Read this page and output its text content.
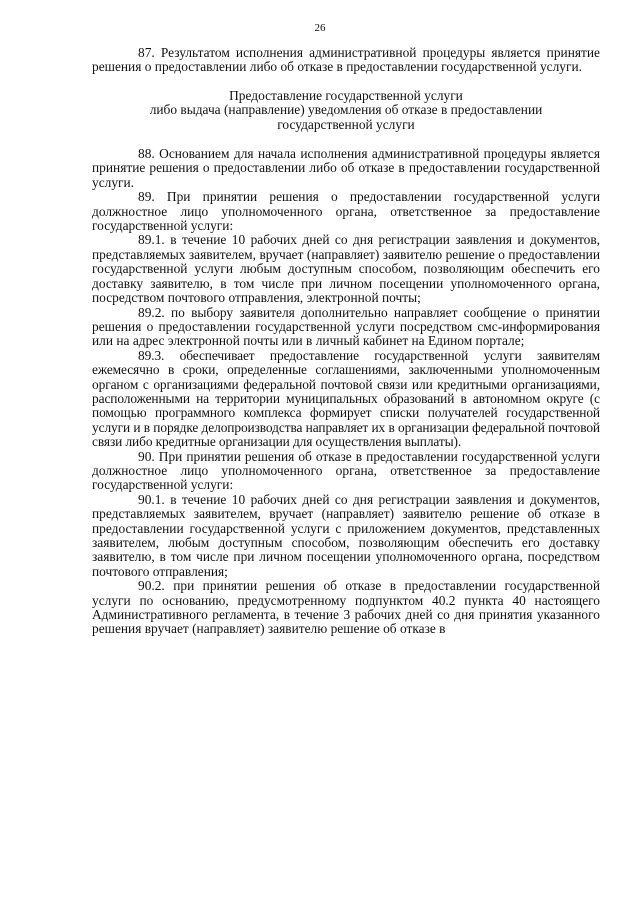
26

87. Результатом исполнения административной процедуры является принятие решения о предоставлении либо об отказе в предоставлении государственной услуги.

Предоставление государственной услуги
либо выдача (направление) уведомления об отказе в предоставлении
государственной услуги

88. Основанием для начала исполнения административной процедуры является принятие решения о предоставлении либо об отказе в предоставлении государственной услуги.

89. При принятии решения о предоставлении государственной услуги должностное лицо уполномоченного органа, ответственное за предоставление государственной услуги:

89.1. в течение 10 рабочих дней со дня регистрации заявления и документов, представляемых заявителем, вручает (направляет) заявителю решение о предоставлении государственной услуги любым доступным способом, позволяющим обеспечить его доставку заявителю, в том числе при личном посещении уполномоченного органа, посредством почтового отправления, электронной почты;

89.2. по выбору заявителя дополнительно направляет сообщение о принятии решения о предоставлении государственной услуги посредством смс-информирования или на адрес электронной почты или в личный кабинет на Едином портале;

89.3. обеспечивает предоставление государственной услуги заявителям ежемесячно в сроки, определенные соглашениями, заключенными уполномоченным органом с организациями федеральной почтовой связи или кредитными организациями, расположенными на территории муниципальных образований в автономном округе (с помощью программного комплекса формирует списки получателей государственной услуги и в порядке делопроизводства направляет их в организации федеральной почтовой связи либо кредитные организации для осуществления выплаты).

90. При принятии решения об отказе в предоставлении государственной услуги должностное лицо уполномоченного органа, ответственное за предоставление государственной услуги:

90.1. в течение 10 рабочих дней со дня регистрации заявления и документов, представляемых заявителем, вручает (направляет) заявителю решение об отказе в предоставлении государственной услуги с приложением документов, представленных заявителем, любым доступным способом, позволяющим обеспечить его доставку заявителю, в том числе при личном посещении уполномоченного органа, посредством почтового отправления;

90.2. при принятии решения об отказе в предоставлении государственной услуги по основанию, предусмотренному подпунктом 40.2 пункта 40 настоящего Административного регламента, в течение 3 рабочих дней со дня принятия указанного решения вручает (направляет) заявителю решение об отказе в
